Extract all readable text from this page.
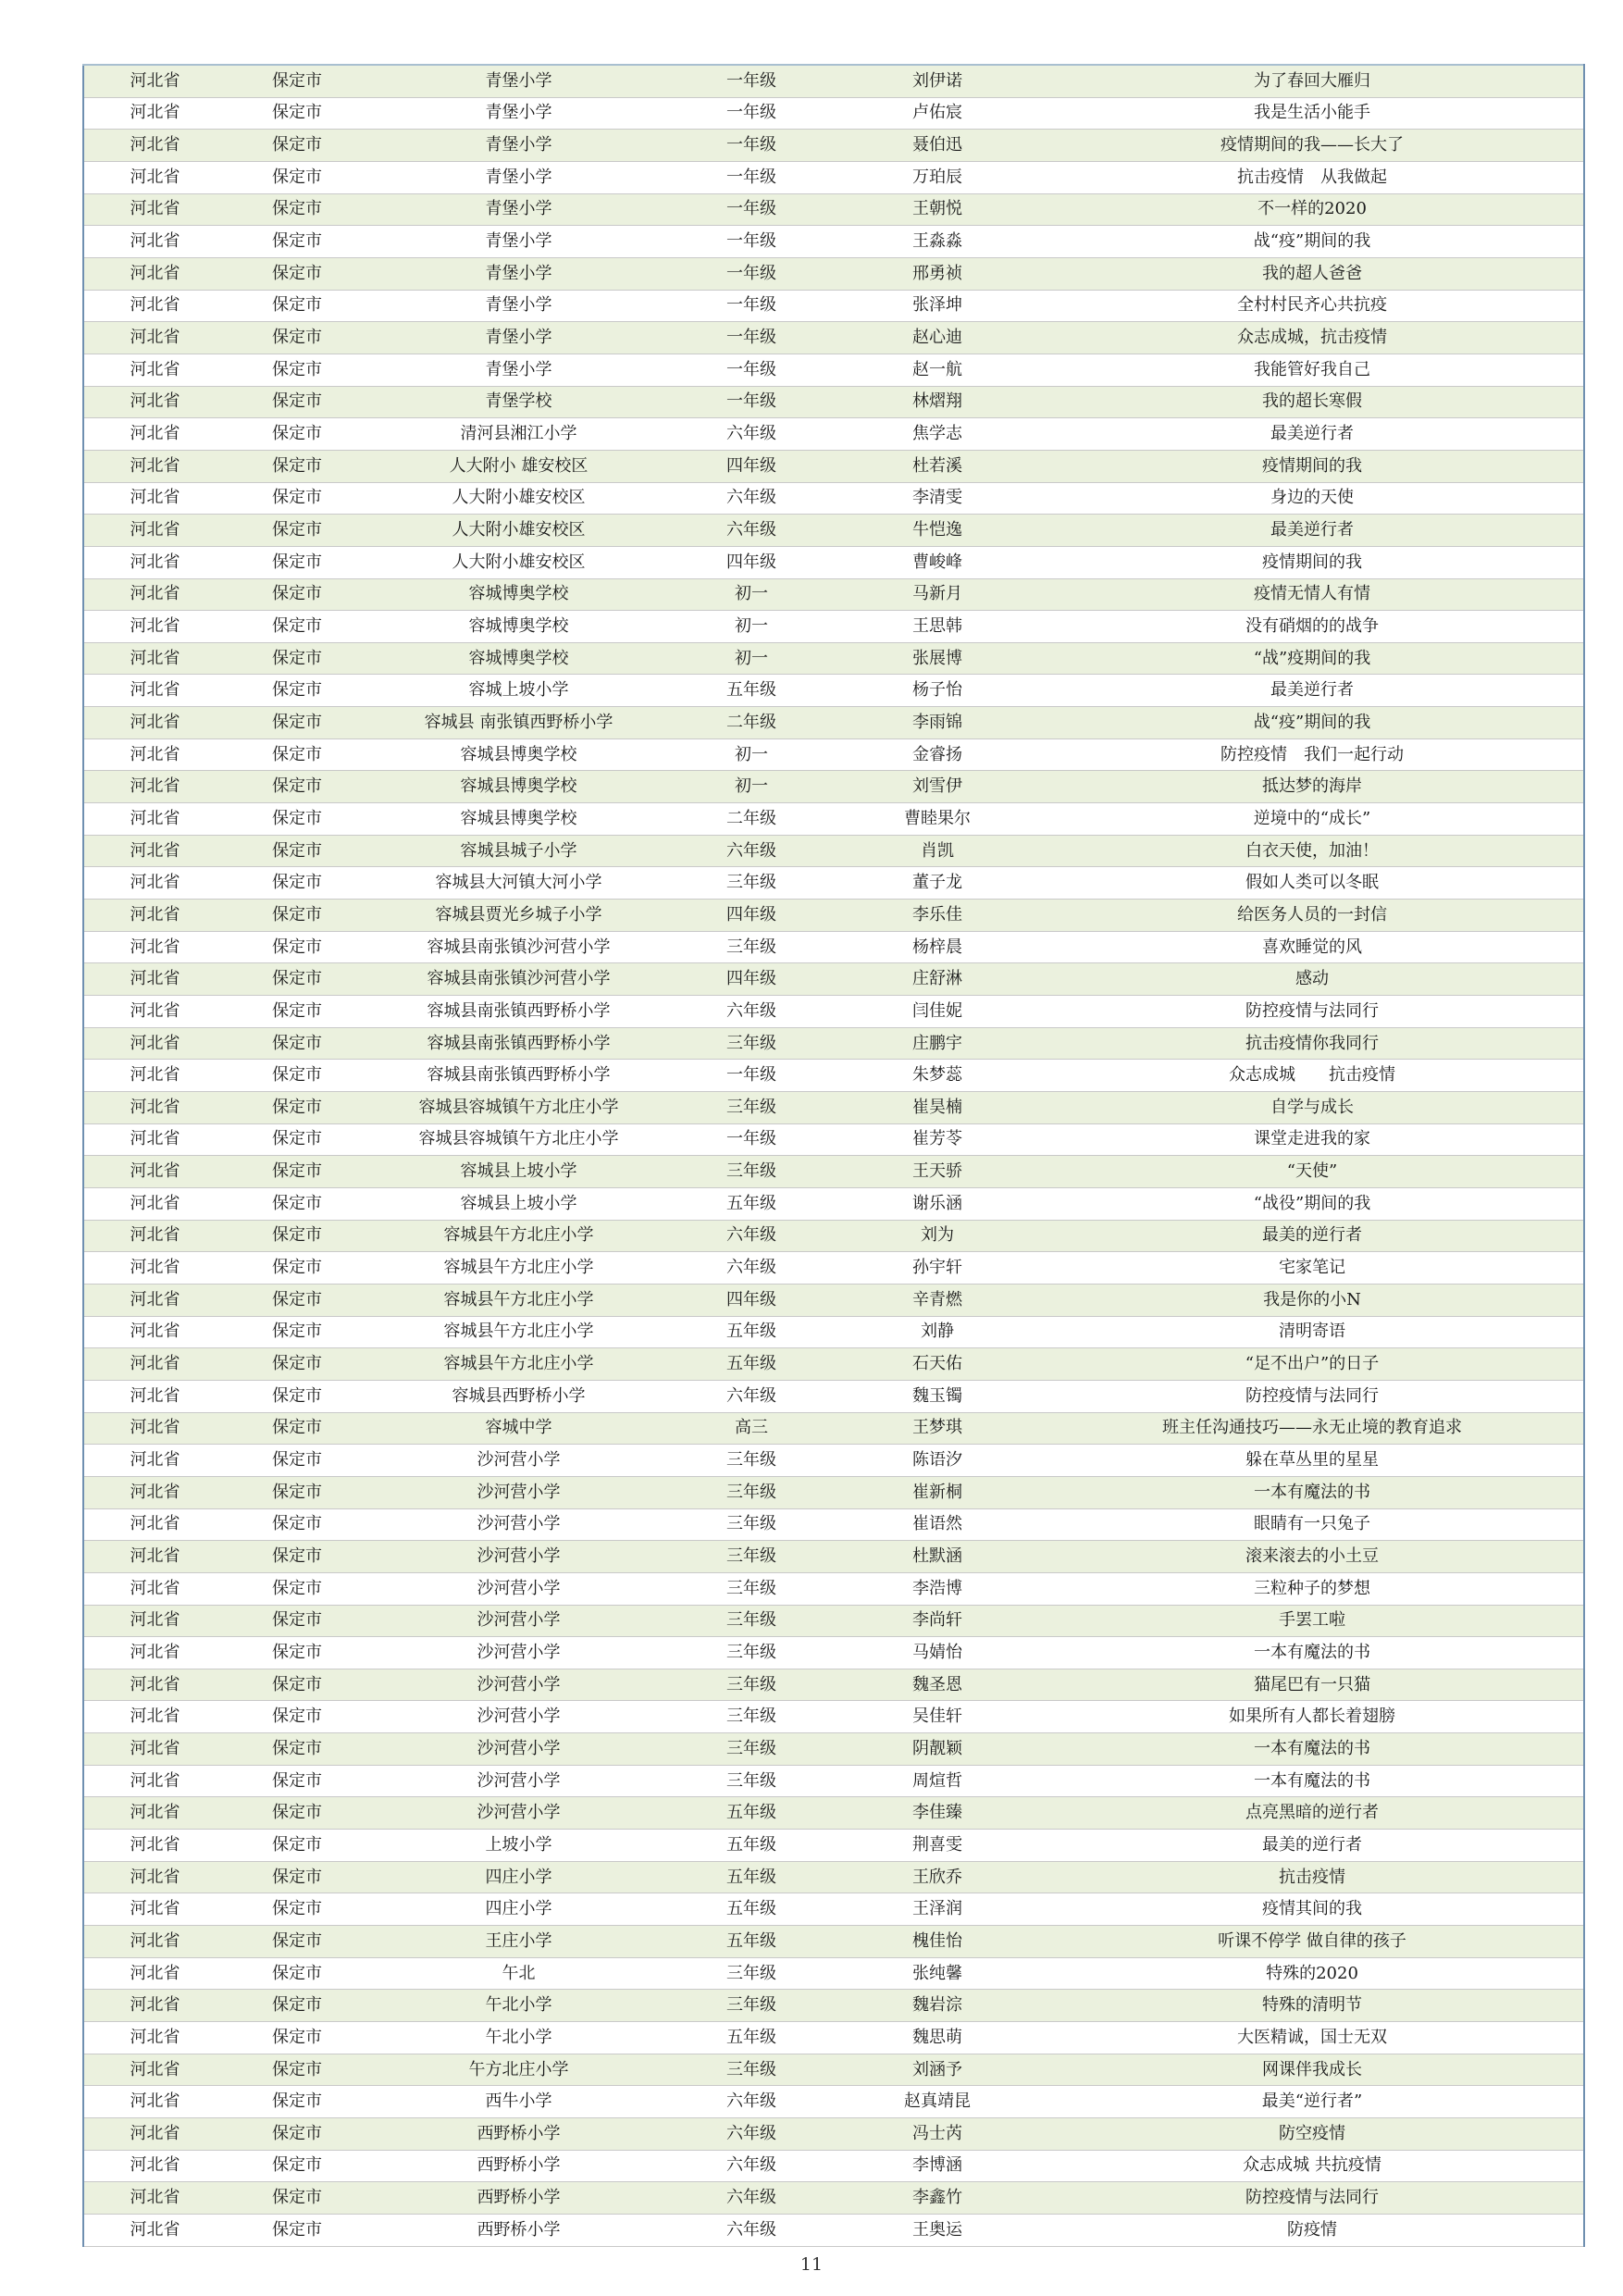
河北省	保定市	青堡小学	一年级	刘伊诺	为了春回大雁归
河北省	保定市	青堡小学	一年级	卢佑宸	我是生活小能手
河北省	保定市	青堡小学	一年级	聂伯迅	疫情期间的我——长大了
河北省	保定市	青堡小学	一年级	万珀辰	抗击疫情　从我做起
河北省	保定市	青堡小学	一年级	王朝悦	不一样的2020
河北省	保定市	青堡小学	一年级	王淼淼	战“疫”期间的我
河北省	保定市	青堡小学	一年级	邢勇祯	我的超人爸爸
河北省	保定市	青堡小学	一年级	张泽坤	全村村民齐心共抗疫
河北省	保定市	青堡小学	一年级	赵心迪	众志成城，抗击疫情
河北省	保定市	青堡小学	一年级	赵一航	我能管好我自己
河北省	保定市	青堡学校	一年级	林熠翔	我的超长寒假
河北省	保定市	清河县湘江小学	六年级	焦学志	最美逆行者
河北省	保定市	人大附小 雄安校区	四年级	杜若溪	疫情期间的我
河北省	保定市	人大附小雄安校区	六年级	李清雯	身边的天使
河北省	保定市	人大附小雄安校区	六年级	牛恺逸	最美逆行者
河北省	保定市	人大附小雄安校区	四年级	曹峻峰	疫情期间的我
河北省	保定市	容城博奥学校	初一	马新月	疫情无情人有情
河北省	保定市	容城博奥学校	初一	王思韩	没有硝烟的的战争
河北省	保定市	容城博奥学校	初一	张展博	“战”疫期间的我
河北省	保定市	容城上坡小学	五年级	杨子怡	最美逆行者
河北省	保定市	容城县 南张镇西野桥小学	二年级	李雨锦	战“疫”期间的我
河北省	保定市	容城县博奥学校	初一	金睿扬	防控疫情　我们一起行动
河北省	保定市	容城县博奥学校	初一	刘雪伊	抵达梦的海岸
河北省	保定市	容城县博奥学校	二年级	曹睦果尔	逆境中的“成长”
河北省	保定市	容城县城子小学	六年级	肖凯	白衣天使，加油！
河北省	保定市	容城县大河镇大河小学	三年级	董子龙	假如人类可以冬眠
河北省	保定市	容城县贾光乡城子小学	四年级	李乐佳	给医务人员的一封信
河北省	保定市	容城县南张镇沙河营小学	三年级	杨梓晨	喜欢睡觉的风
河北省	保定市	容城县南张镇沙河营小学	四年级	庄舒淋	感动
河北省	保定市	容城县南张镇西野桥小学	六年级	闫佳妮	防控疫情与法同行
河北省	保定市	容城县南张镇西野桥小学	三年级	庄鹏宇	抗击疫情你我同行
河北省	保定市	容城县南张镇西野桥小学	一年级	朱梦蕊	众志成城　　抗击疫情
河北省	保定市	容城县容城镇午方北庄小学	三年级	崔昊楠	自学与成长
河北省	保定市	容城县容城镇午方北庄小学	一年级	崔芳苓	课堂走进我的家
河北省	保定市	容城县上坡小学	三年级	王天骄	“天使”
河北省	保定市	容城县上坡小学	五年级	谢乐涵	“战役”期间的我
河北省	保定市	容城县午方北庄小学	六年级	刘为	最美的逆行者
河北省	保定市	容城县午方北庄小学	六年级	孙宇轩	宅家笔记
河北省	保定市	容城县午方北庄小学	四年级	辛青燃	我是你的小N
河北省	保定市	容城县午方北庄小学	五年级	刘静	清明寄语
河北省	保定市	容城县午方北庄小学	五年级	石天佑	“足不出户”的日子
河北省	保定市	容城县西野桥小学	六年级	魏玉镯	防控疫情与法同行
河北省	保定市	容城中学	高三	王梦琪	班主任沟通技巧——永无止境的教育追求
河北省	保定市	沙河营小学	三年级	陈语汐	躲在草丛里的星星
河北省	保定市	沙河营小学	三年级	崔新桐	一本有魔法的书
河北省	保定市	沙河营小学	三年级	崔语然	眼睛有一只兔子
河北省	保定市	沙河营小学	三年级	杜默涵	滚来滚去的小土豆
河北省	保定市	沙河营小学	三年级	李浩博	三粒种子的梦想
河北省	保定市	沙河营小学	三年级	李尚轩	手罢工啦
河北省	保定市	沙河营小学	三年级	马婧怡	一本有魔法的书
河北省	保定市	沙河营小学	三年级	魏圣恩	猫尾巴有一只猫
河北省	保定市	沙河营小学	三年级	吴佳轩	如果所有人都长着翅膀
河北省	保定市	沙河营小学	三年级	阴靓颖	一本有魔法的书
河北省	保定市	沙河营小学	三年级	周煊哲	一本有魔法的书
河北省	保定市	沙河营小学	五年级	李佳臻	点亮黑暗的逆行者
河北省	保定市	上坡小学	五年级	荆喜雯	最美的逆行者
河北省	保定市	四庄小学	五年级	王欣乔	抗击疫情
河北省	保定市	四庄小学	五年级	王泽润	疫情其间的我
河北省	保定市	王庄小学	五年级	槐佳怡	听课不停学 做自律的孩子
河北省	保定市	午北	三年级	张纯馨	特殊的2020
河北省	保定市	午北小学	三年级	魏岩淙	特殊的清明节
河北省	保定市	午北小学	五年级	魏思萌	大医精诚，国士无双
河北省	保定市	午方北庄小学	三年级	刘涵予	网课伴我成长
河北省	保定市	西牛小学	六年级	赵真靖昆	最美“逆行者”
河北省	保定市	西野桥小学	六年级	冯士芮	防空疫情
河北省	保定市	西野桥小学	六年级	李博涵	众志成城 共抗疫情
河北省	保定市	西野桥小学	六年级	李鑫竹	防控疫情与法同行
河北省	保定市	西野桥小学	六年级	王奥运	防疫情
11
